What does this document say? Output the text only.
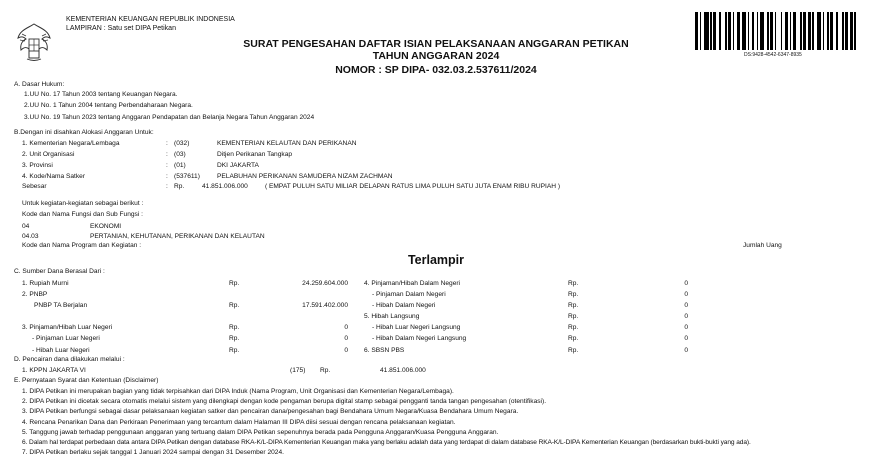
KEMENTERIAN KEUANGAN REPUBLIK INDONESIA
LAMPIRAN : Satu set DIPA Petikan
SURAT PENGESAHAN DAFTAR ISIAN PELAKSANAAN ANGGARAN PETIKAN
TAHUN ANGGARAN 2024
NOMOR : SP DIPA- 032.03.2.537611/2024
DS:9428-4542-6347-8935
A. Dasar Hukum:
1.UU No. 17 Tahun 2003 tentang Keuangan Negara.
2.UU No. 1 Tahun 2004 tentang Perbendaharaan Negara.
3.UU No. 19 Tahun 2023 tentang Anggaran Pendapatan dan Belanja Negara Tahun Anggaran 2024
B.Dengan ini disahkan Alokasi Anggaran Untuk:
1. Kementerian Negara/Lembaga	: (032)	KEMENTERIAN KELAUTAN DAN PERIKANAN
2. Unit Organisasi	: (03)	Ditjen Perikanan Tangkap
3. Provinsi	: (01)	DKI JAKARTA
4. Kode/Nama Satker	: (537611)	PELABUHAN PERIKANAN SAMUDERA NIZAM ZACHMAN
Sebesar	: Rp.	41.851.006.000	( EMPAT PULUH SATU MILIAR DELAPAN RATUS LIMA PULUH SATU JUTA ENAM RIBU RUPIAH )
Untuk kegiatan-kegiatan sebagai berikut :
Kode dan Nama Fungsi dan Sub Fungsi :
04	EKONOMI
04.03	PERTANIAN, KEHUTANAN, PERIKANAN DAN KELAUTAN
Kode dan Nama Program dan Kegiatan :	Jumlah Uang
Terlampir
C. Sumber Dana Berasal Dari :
1. Rupiah Murni	Rp.	24.259.604.000
2. PNBP
PNBP TA Berjalan	Rp.	17.591.402.000
3. Pinjaman/Hibah Luar Negeri	Rp.	0
- Pinjaman Luar Negeri	Rp.	0
- Hibah Luar Negeri	Rp.	0
4. Pinjaman/Hibah Dalam Negeri	Rp.	0
- Pinjaman Dalam Negeri	Rp.	0
- Hibah Dalam Negeri	Rp.	0
5. Hibah Langsung	Rp.	0
- Hibah Luar Negeri Langsung	Rp.	0
- Hibah Dalam Negeri Langsung	Rp.	0
6. SBSN PBS	Rp.	0
D. Pencairan dana dilakukan melalui :
1. KPPN JAKARTA VI	(175) Rp.	41.851.006.000
E. Pernyataan Syarat dan Ketentuan (Disclaimer)
1. DIPA Petikan ini merupakan bagian yang tidak terpisahkan dari DIPA Induk (Nama Program, Unit Organisasi dan Kementerian Negara/Lembaga).
2. DIPA Petikan ini dicetak secara otomatis melalui sistem yang dilengkapi dengan kode pengaman berupa digital stamp sebagai pengganti tanda tangan pengesahan (otentifikasi).
3. DIPA Petikan berfungsi sebagai dasar pelaksanaan kegiatan satker dan pencairan dana/pengesahan bagi Bendahara Umum Negara/Kuasa Bendahara Umum Negara.
4. Rencana Penarikan Dana dan Perkiraan Penerimaan yang tercantum dalam Halaman III DIPA diisi sesuai dengan rencana pelaksanaan kegiatan.
5. Tanggung jawab terhadap penggunaan anggaran yang tertuang dalam DIPA Petikan sepenuhnya berada pada Pengguna Anggaran/Kuasa Pengguna Anggaran.
6. Dalam hal terdapat perbedaan data antara DIPA Petikan dengan database RKA-K/L-DIPA Kementerian Keuangan maka yang berlaku adalah data yang terdapat di dalam database RKA-K/L-DIPA Kementerian Keuangan (berdasarkan bukti-bukti yang ada).
7. DIPA Petikan berlaku sejak tanggal 1 Januari 2024 sampai dengan 31 Desember 2024.
